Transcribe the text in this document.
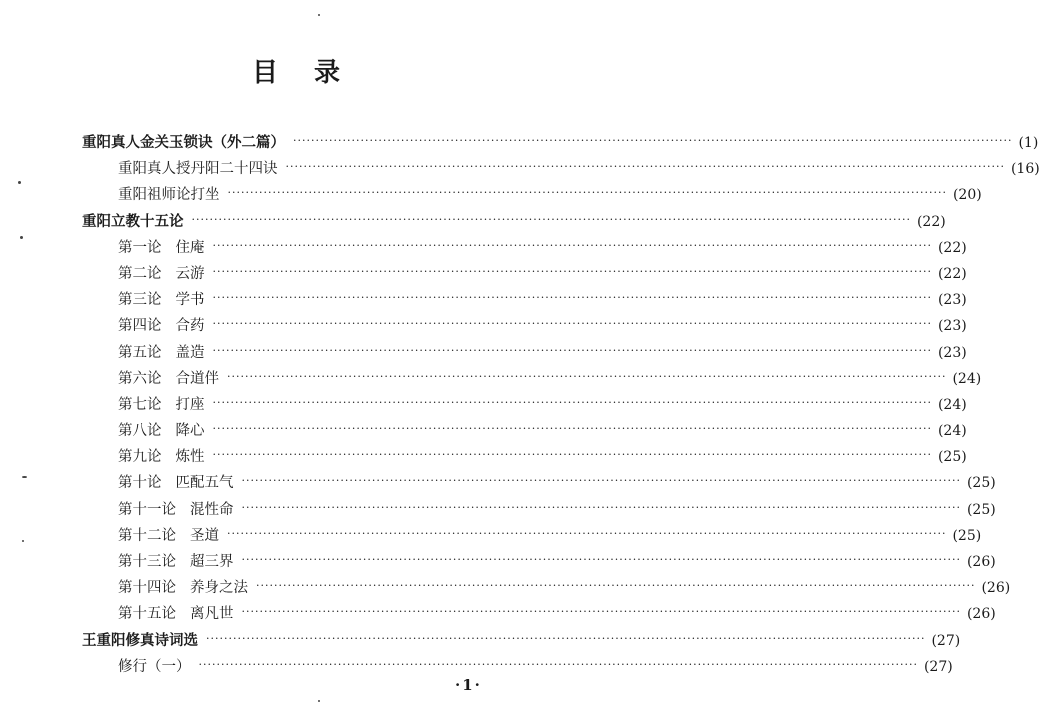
目录
重阳真人金关玉锁诀（外二篇） ································································································································································ (1)
重阳真人授丹阳二十四诀 ································································································································································ (16)
重阳祖师论打坐 ································································································································································ (20)
重阳立教十五论 ································································································································································ (22)
第一论 住庵 ································································································································································ (22)
第二论 云游 ································································································································································ (22)
第三论 学书 ································································································································································ (23)
第四论 合药 ································································································································································ (23)
第五论 盖造 ································································································································································ (23)
第六论 合道伴 ································································································································································ (24)
第七论 打座 ································································································································································ (24)
第八论 降心 ································································································································································ (24)
第九论 炼性 ································································································································································ (25)
第十论 匹配五气 ································································································································································ (25)
第十一论 混性命 ································································································································································ (25)
第十二论 圣道 ································································································································································ (25)
第十三论 超三界 ································································································································································ (26)
第十四论 养身之法 ································································································································································ (26)
第十五论 离凡世 ································································································································································ (26)
王重阳修真诗词选 ································································································································································ (27)
修行（一） ································································································································································ (27)
·1·
